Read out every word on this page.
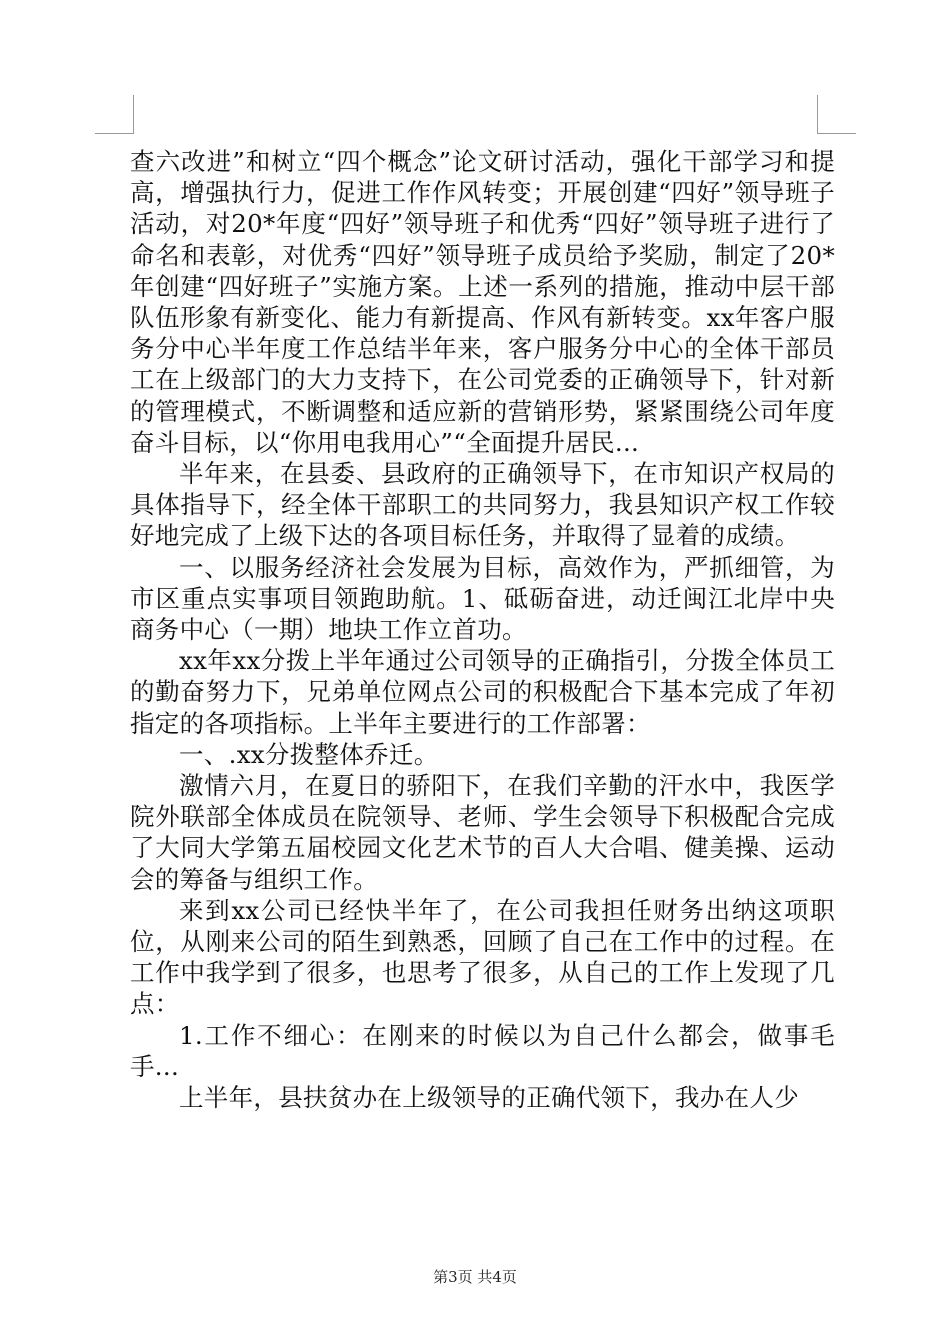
查六改进”和树立“四个概念”论文研讨活动，强化干部学习和提高，增强执行力，促进工作作风转变；开展创建“四好”领导班子活动，对20*年度“四好”领导班子和优秀“四好”领导班子进行了命名和表彰，对优秀“四好”领导班子成员给予奖励，制定了20*年创建“四好班子”实施方案。上述一系列的措施，推动中层干部队伍形象有新变化、能力有新提高、作风有新转变。xx年客户服务分中心半年度工作总结半年来，客户服务分中心的全体干部员工在上级部门的大力支持下，在公司党委的正确领导下，针对新的管理模式，不断调整和适应新的营销形势，紧紧围绕公司年度奋斗目标，以“你用电我用心”“全面提升居民...

半年来，在县委、县政府的正确领导下，在市知识产权局的具体指导下，经全体干部职工的共同努力，我县知识产权工作较好地完成了上级下达的各项目标任务，并取得了显着的成绩。

一、以服务经济社会发展为目标，高效作为，严抓细管，为市区重点实事项目领跑助航。1、砥砺奋进，动迁闽江北岸中央商务中心（一期）地块工作立首功。

xx年xx分拨上半年通过公司领导的正确指引，分拨全体员工的勤奋努力下，兄弟单位网点公司的积极配合下基本完成了年初指定的各项指标。上半年主要进行的工作部署：

一、.xx分拨整体乔迁。

激情六月，在夏日的骄阳下，在我们辛勤的汗水中，我医学院外联部全体成员在院领导、老师、学生会领导下积极配合完成了大同大学第五届校园文化艺术节的百人大合唱、健美操、运动会的筹备与组织工作。

来到xx公司已经快半年了，在公司我担任财务出纳这项职位，从刚来公司的陌生到熟悉，回顾了自己在工作中的过程。在工作中我学到了很多，也思考了很多，从自己的工作上发现了几点：

1.工作不细心：在刚来的时候以为自己什么都会，做事毛手...

上半年，县扶贫办在上级领导的正确代领下，我办在人少

第3页 共4页
